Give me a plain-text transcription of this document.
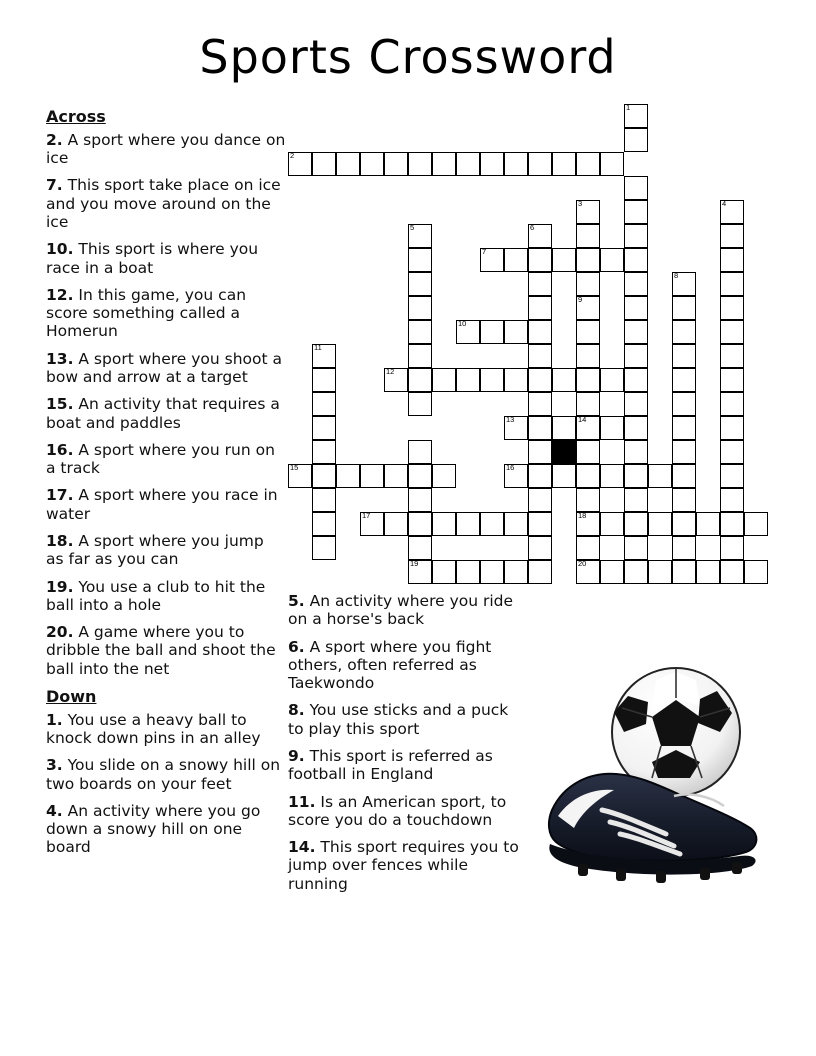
Sports Crossword
Across

2. A sport where you dance on ice

7. This sport take place on ice and you move around on the ice

10. This sport is where you race in a boat

12. In this game, you can score something called a Homerun

13. A sport where you shoot a bow and arrow at a target

15. An activity that requires a boat and paddles

16. A sport where you run on a track

17. A sport where you race in water

18. A sport where you jump as far as you can

19. You use a club to hit the ball into a hole

20. A game where you to dribble the ball and shoot the ball into the net

Down

1. You use a heavy ball to knock down pins in an alley

3. You slide on a snowy hill on two boards on your feet

4. An activity where you go down a snowy hill on one board

5. An activity where you ride on a horse's back

6. A sport where you fight others, often referred as Taekwondo

8. You use sticks and a puck to play this sport

9. This sport is referred as football in England

11. Is an American sport, to score you do a touchdown

14. This sport requires you to jump over fences while running

1
2
3	4
5	6
7
8
9
10
11
12
13	14
15	16
17	18
19	20
